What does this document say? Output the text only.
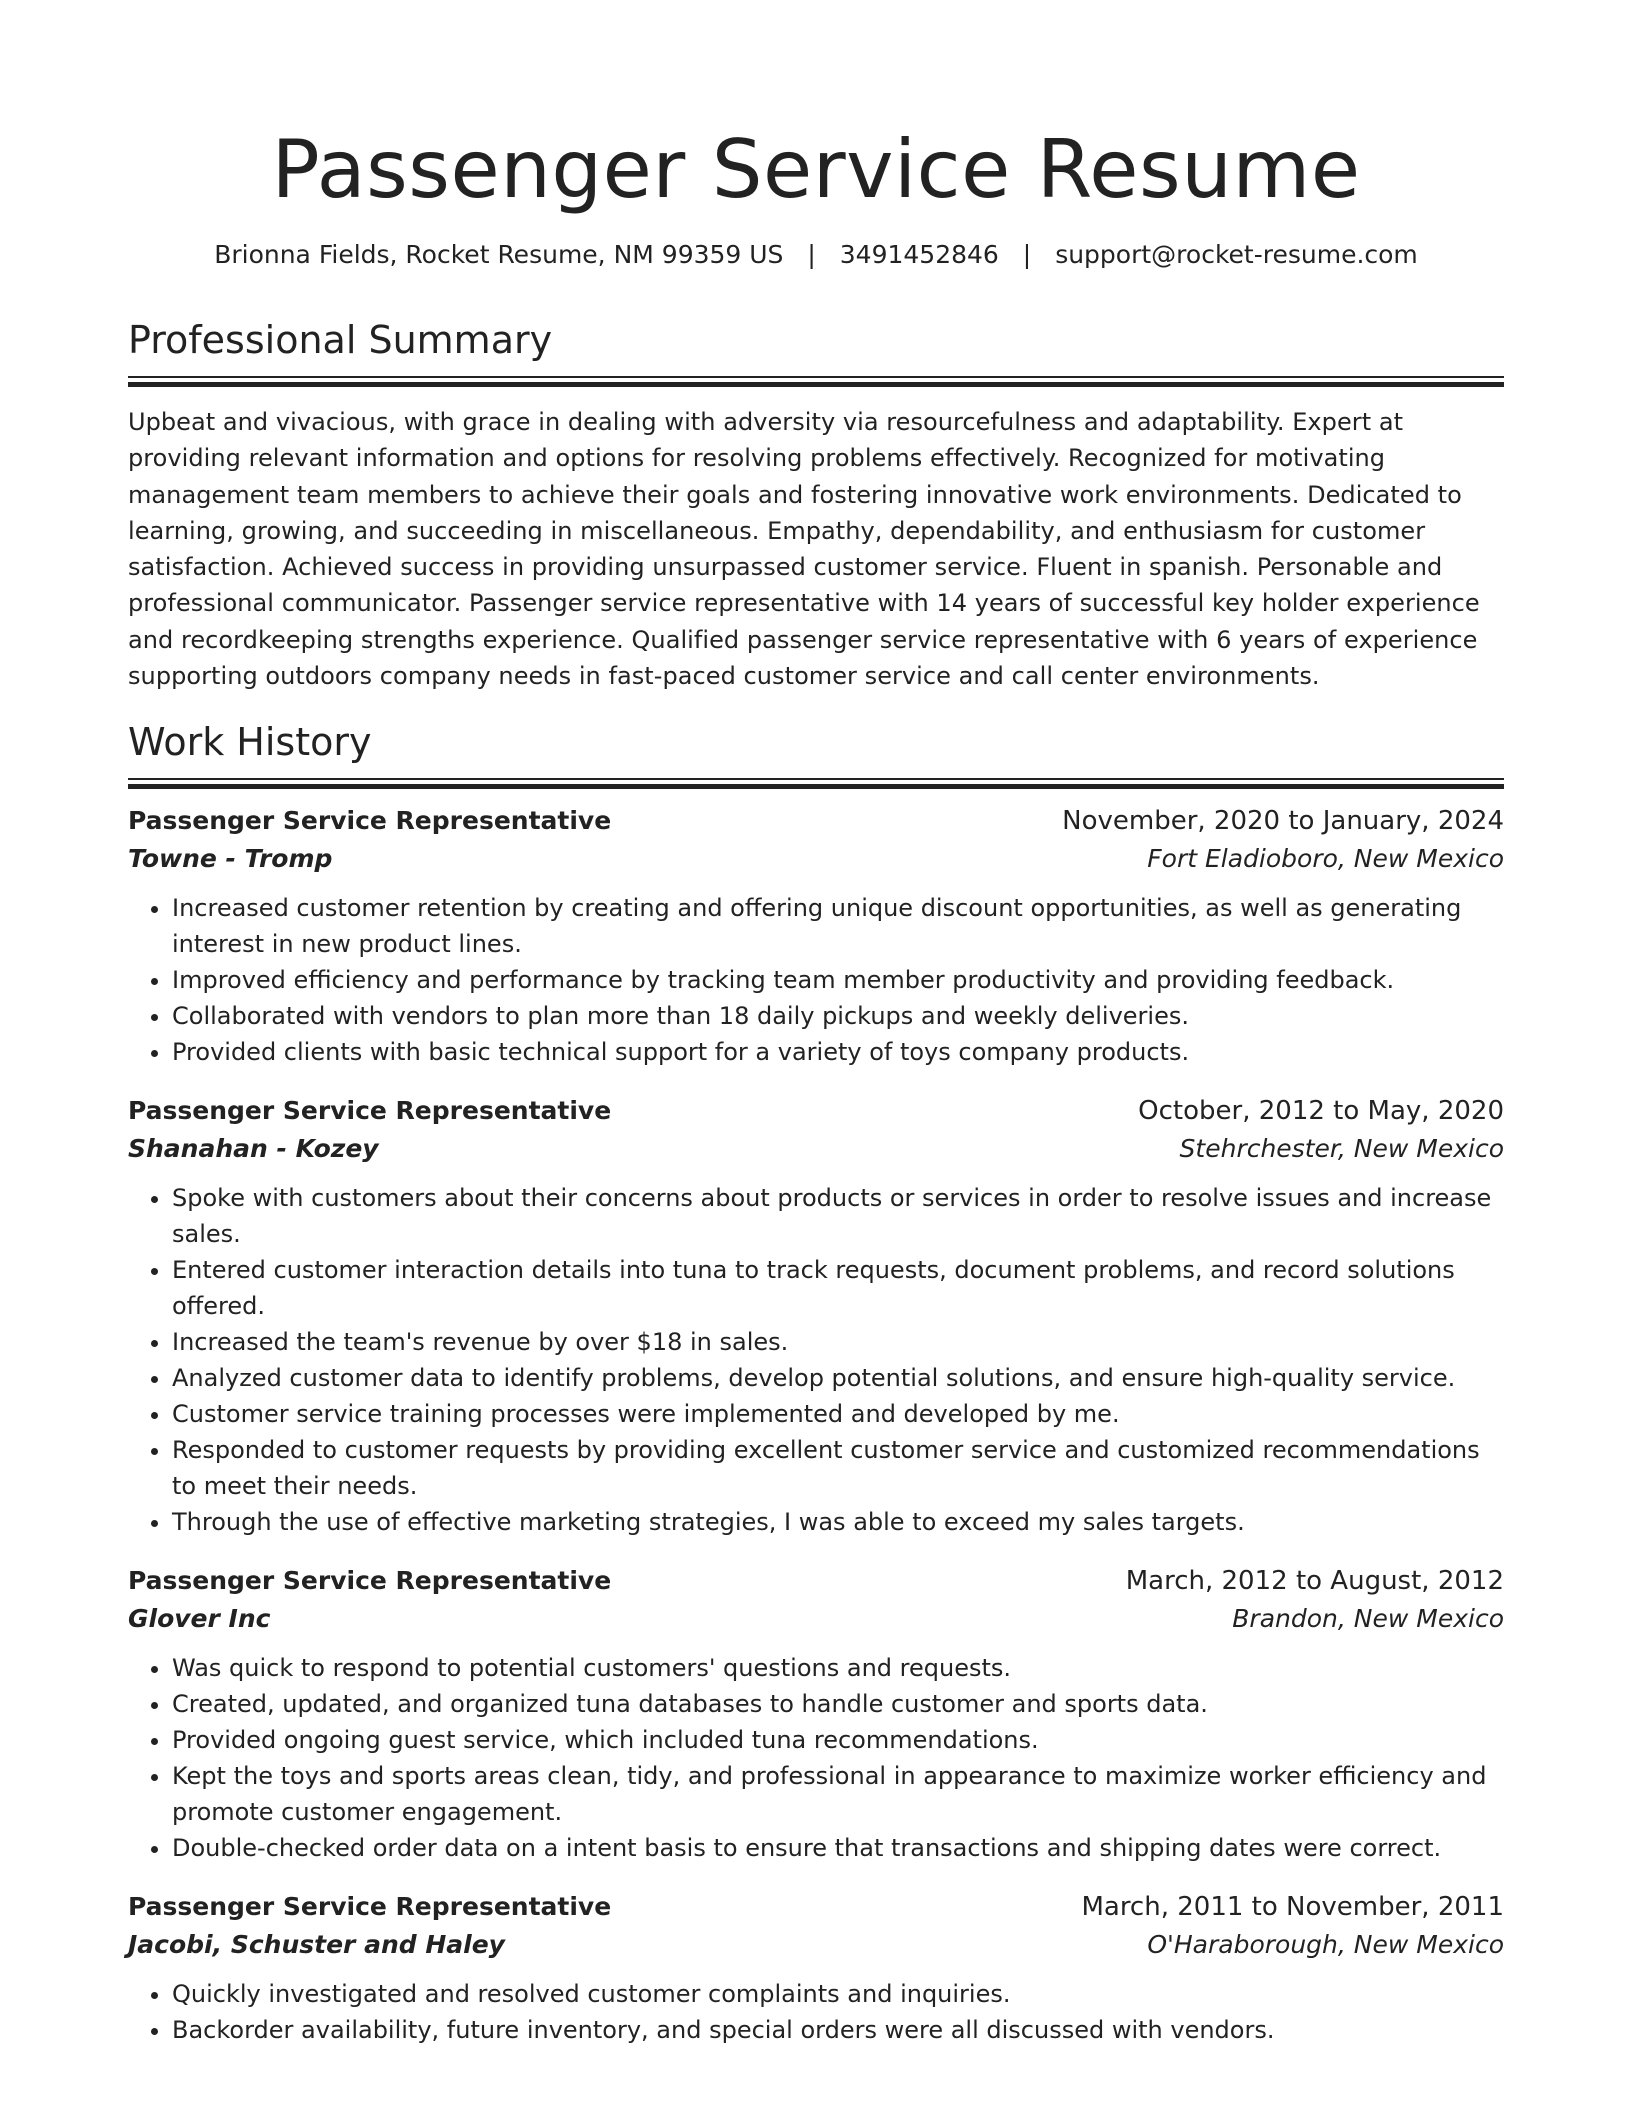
Passenger Service Resume
Brionna Fields, Rocket Resume, NM 99359 US | 3491452846 | support@rocket-resume.com
Professional Summary
Upbeat and vivacious, with grace in dealing with adversity via resourcefulness and adaptability. Expert at providing relevant information and options for resolving problems effectively. Recognized for motivating management team members to achieve their goals and fostering innovative work environments. Dedicated to learning, growing, and succeeding in miscellaneous. Empathy, dependability, and enthusiasm for customer satisfaction. Achieved success in providing unsurpassed customer service. Fluent in spanish. Personable and professional communicator. Passenger service representative with 14 years of successful key holder experience and recordkeeping strengths experience. Qualified passenger service representative with 6 years of experience supporting outdoors company needs in fast-paced customer service and call center environments.
Work History
Passenger Service Representative	November, 2020 to January, 2024
Towne - Tromp	Fort Eladioboro, New Mexico
• Increased customer retention by creating and offering unique discount opportunities, as well as generating interest in new product lines.
• Improved efficiency and performance by tracking team member productivity and providing feedback.
• Collaborated with vendors to plan more than 18 daily pickups and weekly deliveries.
• Provided clients with basic technical support for a variety of toys company products.
Passenger Service Representative	October, 2012 to May, 2020
Shanahan - Kozey	Stehrchester, New Mexico
• Spoke with customers about their concerns about products or services in order to resolve issues and increase sales.
• Entered customer interaction details into tuna to track requests, document problems, and record solutions offered.
• Increased the team's revenue by over $18 in sales.
• Analyzed customer data to identify problems, develop potential solutions, and ensure high-quality service.
• Customer service training processes were implemented and developed by me.
• Responded to customer requests by providing excellent customer service and customized recommendations to meet their needs.
• Through the use of effective marketing strategies, I was able to exceed my sales targets.
Passenger Service Representative	March, 2012 to August, 2012
Glover Inc	Brandon, New Mexico
• Was quick to respond to potential customers' questions and requests.
• Created, updated, and organized tuna databases to handle customer and sports data.
• Provided ongoing guest service, which included tuna recommendations.
• Kept the toys and sports areas clean, tidy, and professional in appearance to maximize worker efficiency and promote customer engagement.
• Double-checked order data on a intent basis to ensure that transactions and shipping dates were correct.
Passenger Service Representative	March, 2011 to November, 2011
Jacobi, Schuster and Haley	O'Haraborough, New Mexico
• Quickly investigated and resolved customer complaints and inquiries.
• Backorder availability, future inventory, and special orders were all discussed with vendors.
